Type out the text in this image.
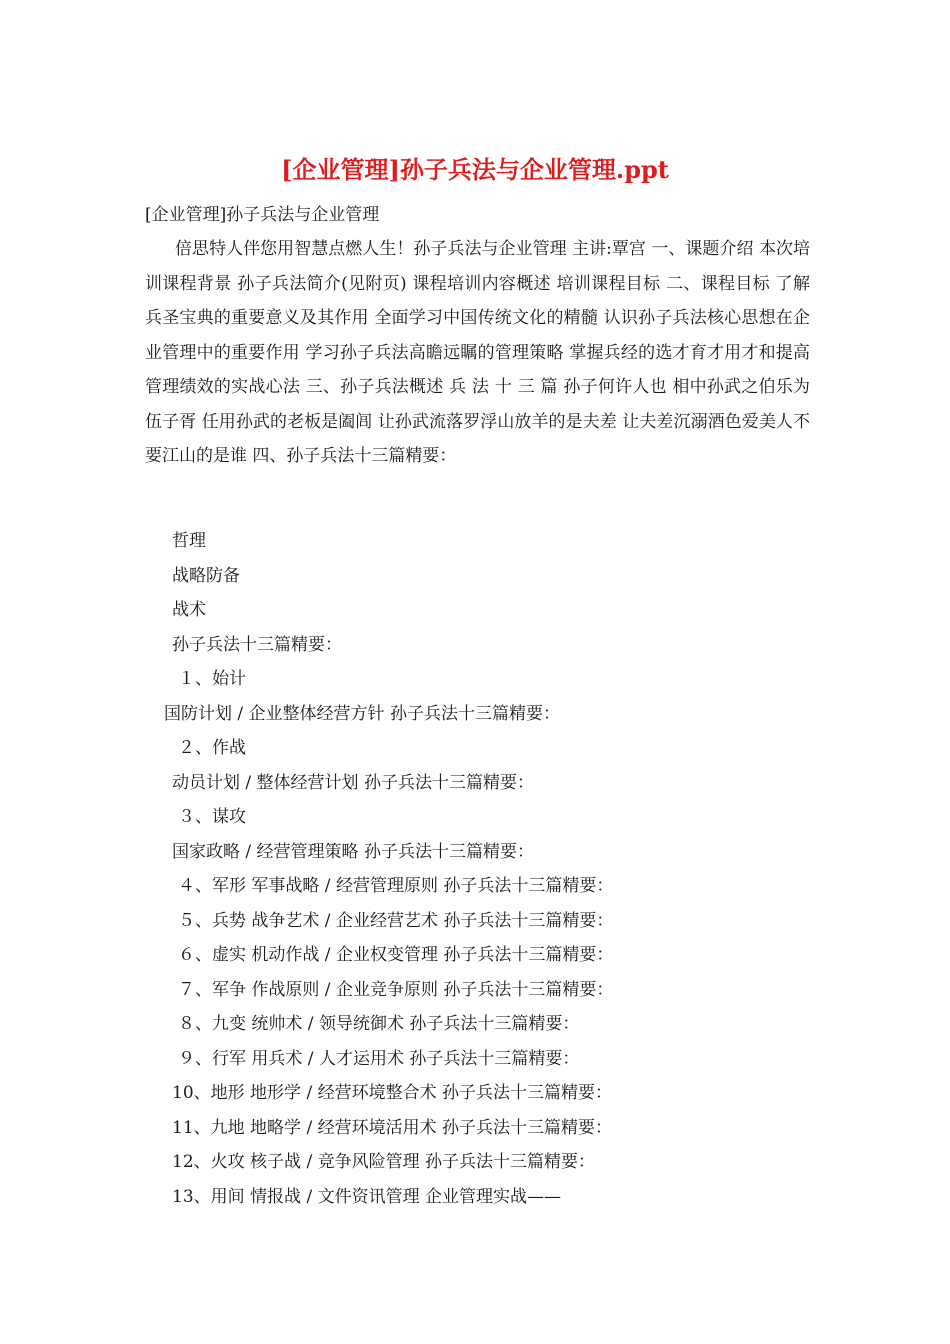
[企业管理]孙子兵法与企业管理.ppt

[企业管理]孙子兵法与企业管理

倍思特人伴您用智慧点燃人生！孙子兵法与企业管理 主讲:覃宫 一、课题介绍 本次培训课程背景 孙子兵法简介(见附页) 课程培训内容概述 培训课程目标 二、课程目标 了解兵圣宝典的重要意义及其作用 全面学习中国传统文化的精髓 认识孙子兵法核心思想在企业管理中的重要作用 学习孙子兵法高瞻远瞩的管理策略 掌握兵经的选才育才用才和提高管理绩效的实战心法 三、孙子兵法概述 兵 法 十 三 篇 孙子何许人也 相中孙武之伯乐为伍子胥 任用孙武的老板是阖闾 让孙武流落罗浮山放羊的是夫差 让夫差沉溺酒色爱美人不要江山的是谁 四、孙子兵法十三篇精要：

哲理
战略防备
战术
孙子兵法十三篇精要：
１、始计
国防计划 / 企业整体经营方针 孙子兵法十三篇精要：
２、作战
动员计划 / 整体经营计划 孙子兵法十三篇精要：
３、谋攻
国家政略 / 经营管理策略 孙子兵法十三篇精要：
４、军形 军事战略 / 经营管理原则 孙子兵法十三篇精要：
５、兵势 战争艺术 / 企业经营艺术 孙子兵法十三篇精要：
６、虚实 机动作战 / 企业权变管理 孙子兵法十三篇精要：
７、军争 作战原则 / 企业竞争原则 孙子兵法十三篇精要：
８、九变 统帅术 / 领导统御术 孙子兵法十三篇精要：
９、行军 用兵术 / 人才运用术 孙子兵法十三篇精要：
10、地形 地形学 / 经营环境整合术 孙子兵法十三篇精要：
11、九地 地略学 / 经营环境活用术 孙子兵法十三篇精要：
12、火攻 核子战 / 竞争风险管理 孙子兵法十三篇精要：
13、用间 情报战 / 文件资讯管理 企业管理实战——
